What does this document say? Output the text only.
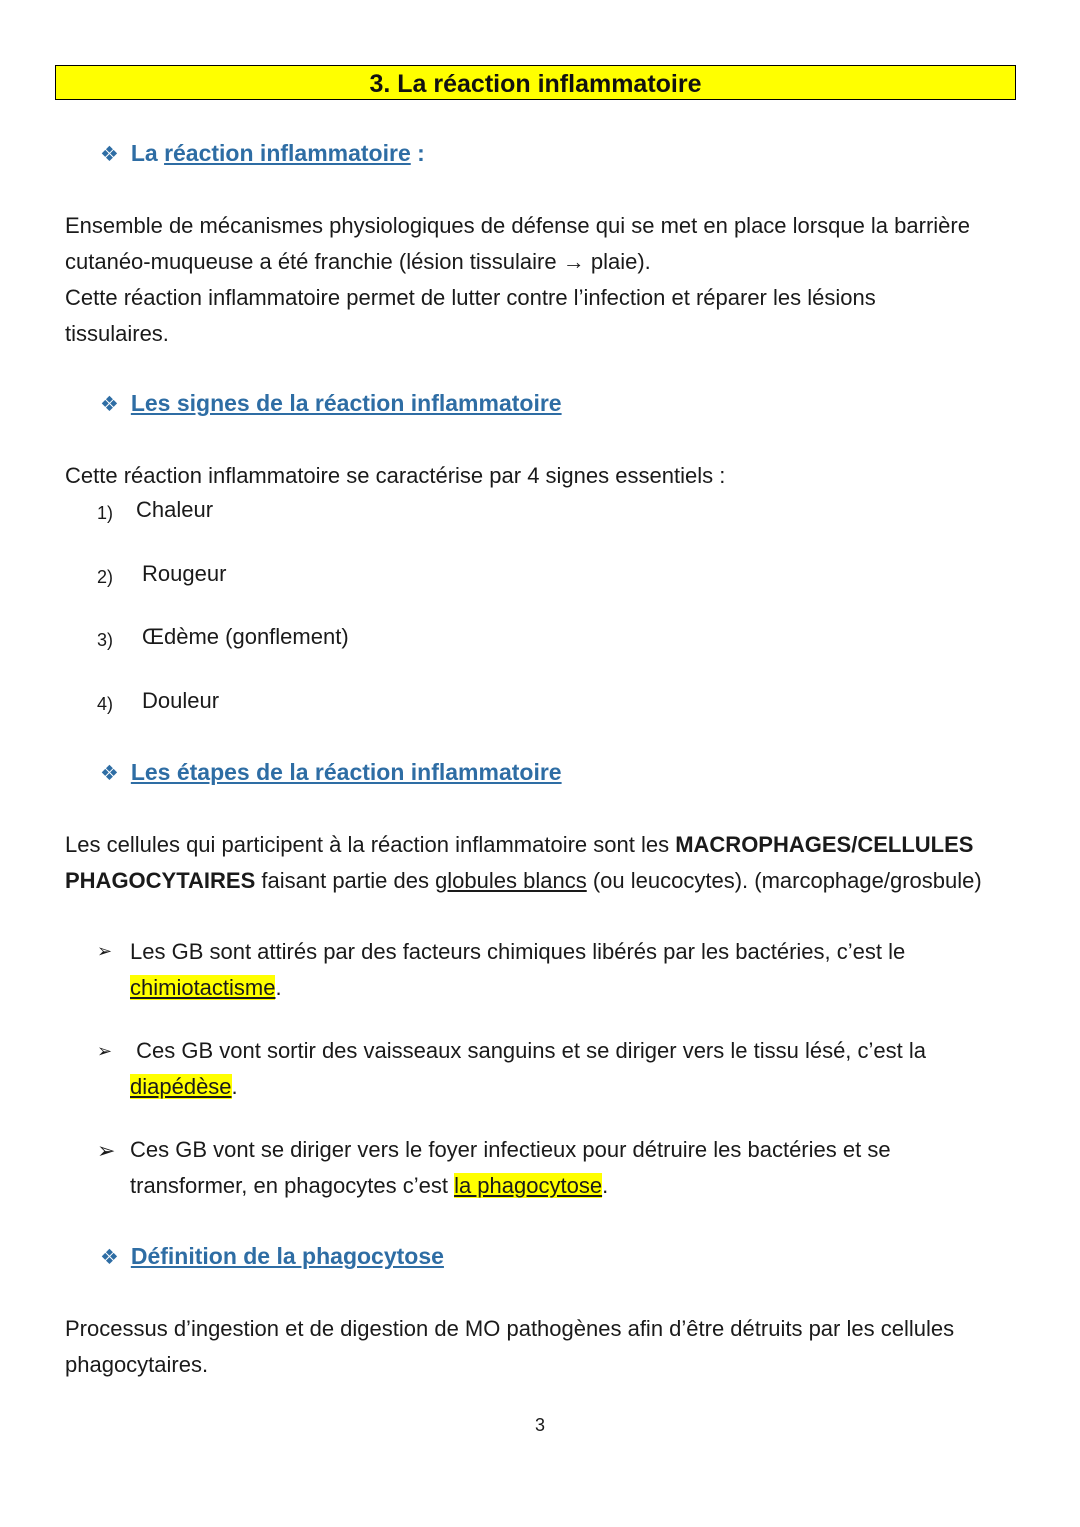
3. La réaction inflammatoire
❖ La réaction inflammatoire :
Ensemble de mécanismes physiologiques de défense qui se met en place lorsque la barrière
cutanéo-muqueuse a été franchie (lésion tissulaire → plaie).
Cette réaction inflammatoire permet de lutter contre l’infection et réparer les lésions
tissulaires.
❖ Les signes de la réaction inflammatoire
Cette réaction inflammatoire se caractérise par 4 signes essentiels :
1) Chaleur
2) Rougeur
3) Œdème (gonflement)
4) Douleur
❖ Les étapes de la réaction inflammatoire
Les cellules qui participent à la réaction inflammatoire sont les MACROPHAGES/CELLULES
PHAGOCYTAIRES faisant partie des globules blancs (ou leucocytes). (marcophage/grosbule)
➢ Les GB sont attirés par des facteurs chimiques libérés par les bactéries, c’est le
chimiotactisme.
➢ Ces GB vont sortir des vaisseaux sanguins et se diriger vers le tissu lésé, c’est la
diapédèse.
➢ Ces GB vont se diriger vers le foyer infectieux pour détruire les bactéries et se
transformer, en phagocytes c’est la phagocytose.
❖ Définition de la phagocytose
Processus d’ingestion et de digestion de MO pathogènes afin d’être détruits par les cellules
phagocytaires.
3
